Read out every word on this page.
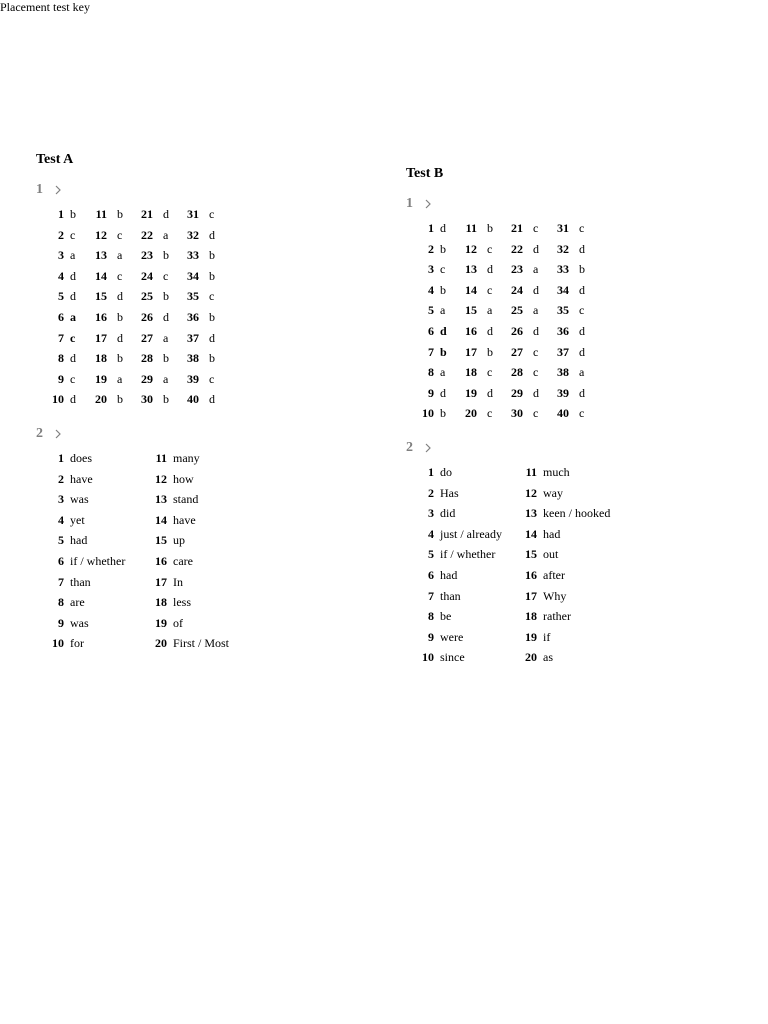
Placement test key
Test A
1
1 b	11 b	21 d	31 c
2 c	12 c	22 a	32 d
3 a	13 a	23 b	33 b
4 d	14 c	24 c	34 b
5 d	15 d	25 b	35 c
6 a	16 b	26 d	36 b
7 c	17 d	27 a	37 d
8 d	18 b	28 b	38 b
9 c	19 a	29 a	39 c
10 d	20 b	30 b	40 d
2
1 does	11 many
2 have	12 how
3 was	13 stand
4 yet	14 have
5 had	15 up
6 if / whether	16 care
7 than	17 In
8 are	18 less
9 was	19 of
10 for	20 First / Most
Test B
1
1 d	11 b	21 c	31 c
2 b	12 c	22 d	32 d
3 c	13 d	23 a	33 b
4 b	14 c	24 d	34 d
5 a	15 a	25 a	35 c
6 d	16 d	26 d	36 d
7 b	17 b	27 c	37 d
8 a	18 c	28 c	38 a
9 d	19 d	29 d	39 d
10 b	20 c	30 c	40 c
2
1 do	11 much
2 Has	12 way
3 did	13 keen / hooked
4 just / already	14 had
5 if / whether	15 out
6 had	16 after
7 than	17 Why
8 be	18 rather
9 were	19 if
10 since	20 as
